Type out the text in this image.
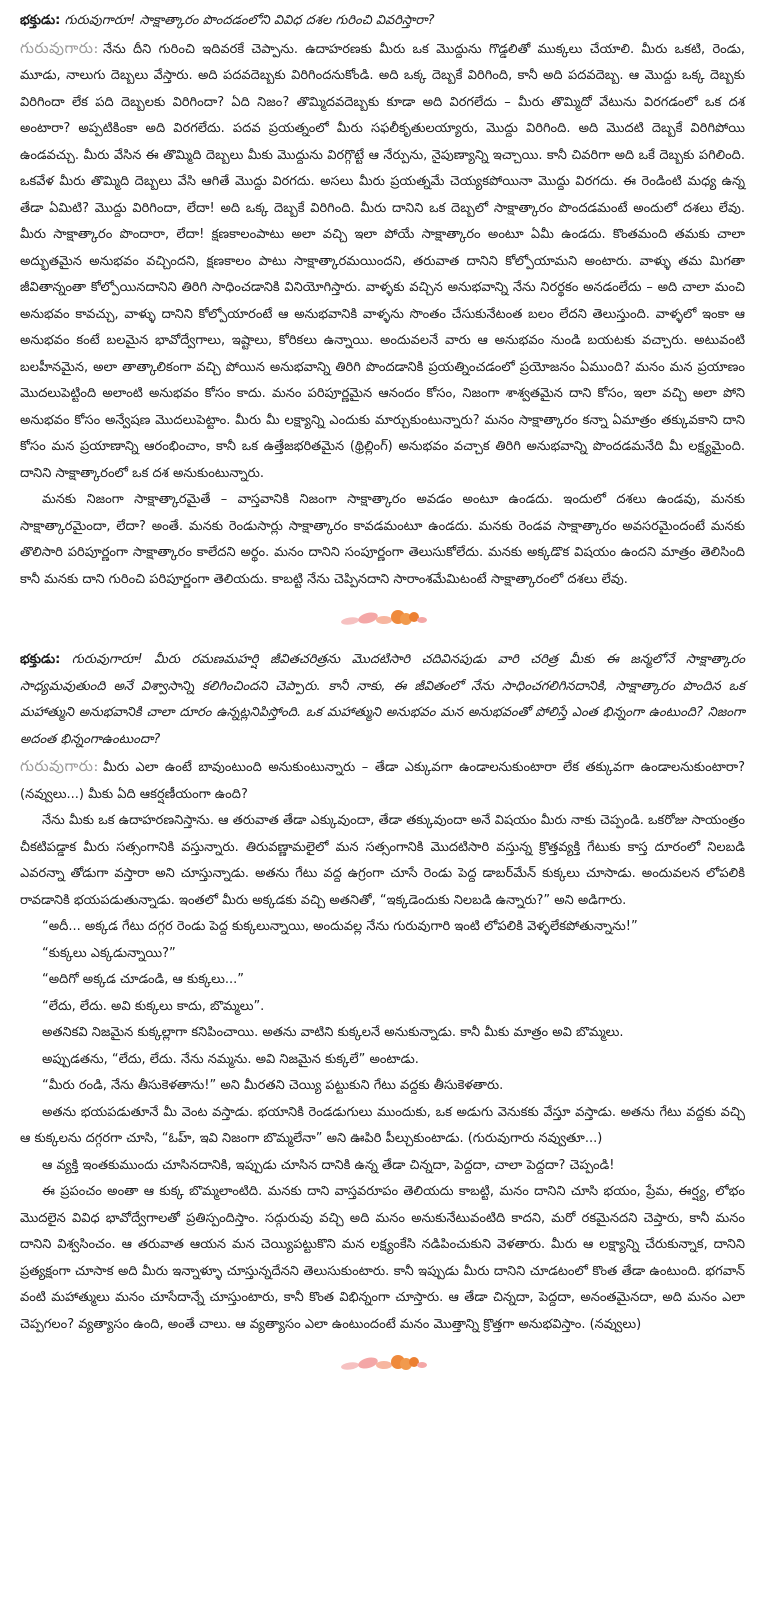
భక్తుడు: గురువుగారూ! సాక్షాత్కారం పొందడంలోని వివిధ దశల గురించి వివరిస్తారా?

గురువుగారు: నేను దీని గురించి ఇదివరకే చెప్పాను. ఉదాహరణకు మీరు ఒక మొద్దును గొడ్డలితో ముక్కలు చేయాలి. మీరు ఒకటి, రెండు, మూడు, నాలుగు దెబ్బలు వేస్తారు. అది పదవదెబ్బకు విరిగిందనుకోండి. అది ఒక్క దెబ్బకే విరిగింది, కానీ అది పదవదెబ్బ. ఆ మొద్దు ఒక్క దెబ్బకు విరిగిందా లేక పది దెబ్బలకు విరిగిందా? ఏది నిజం? తొమ్మిదవదెబ్బకు కూడా అది విరగలేదు – మీరు తొమ్మిదో వేటును విరగడంలో ఒక దశ అంటారా? అప్పటికింకా అది విరగలేదు. పదవ ప్రయత్నంలో మీరు సఫలీకృతులయ్యారు, మొద్దు విరిగింది. అది మొదటి దెబ్బకే విరిగిపోయి ఉండవచ్చు. మీరు వేసిన ఈ తొమ్మిది దెబ్బలు మీకు మొద్దును విరగ్గొట్టే ఆ నేర్పును, నైపుణ్యాన్ని ఇచ్చాయి. కానీ చివరిగా అది ఒకే దెబ్బకు పగిలింది. ఒకవేళ మీరు తొమ్మిది దెబ్బలు వేసి ఆగితే మొద్దు విరగదు. అసలు మీరు ప్రయత్నమే చెయ్యకపోయినా మొద్దు విరగదు. ఈ రెండింటి మధ్య ఉన్న తేడా ఏమిటి? మొద్దు విరిగిందా, లేదా! అది ఒక్క దెబ్బకే విరిగింది. మీరు దానిని ఒక దెబ్బలో సాక్షాత్కారం పొందడమంటే అందులో దశలు లేవు. మీరు సాక్షాత్కారం పొందారా, లేదా! క్షణకాలంపాటు అలా వచ్చి ఇలా పోయే సాక్షాత్కారం అంటూ ఏమీ ఉండదు. కొంతమంది తమకు చాలా అద్భుతమైన అనుభవం వచ్చిందని, క్షణకాలం పాటు సాక్షాత్కారమయిందని, తరువాత దానిని కోల్పోయామని అంటారు. వాళ్ళు తమ మిగతా జీవితాన్నంతా కోల్పోయినదానిని తిరిగి సాధించడానికి వినియోగిస్తారు. వాళ్ళకు వచ్చిన అనుభవాన్ని నేను నిరర్థకం అనడంలేదు – అది చాలా మంచి అనుభవం కావచ్చు, వాళ్ళు దానిని కోల్పోయారంటే ఆ అనుభవానికి వాళ్ళను సొంతం చేసుకునేటంత బలం లేదని తెలుస్తుంది. వాళ్ళలో ఇంకా ఆ అనుభవం కంటే బలమైన భావోద్వేగాలు, ఇష్టాలు, కోరికలు ఉన్నాయి. అందువలనే వారు ఆ అనుభవం నుండి బయటకు వచ్చారు. అటువంటి బలహీనమైన, అలా తాత్కాలికంగా వచ్చి పోయిన అనుభవాన్ని తిరిగి పొందడానికి ప్రయత్నించడంలో ప్రయోజనం ఏముంది? మనం మన ప్రయాణం మొదలుపెట్టింది అలాంటి అనుభవం కోసం కాదు. మనం పరిపూర్ణమైన ఆనందం కోసం, నిజంగా శాశ్వతమైన దాని కోసం, ఇలా వచ్చి అలా పోని అనుభవం కోసం అన్వేషణ మొదలుపెట్టాం. మీరు మీ లక్ష్యాన్ని ఎందుకు మార్చుకుంటున్నారు? మనం సాక్షాత్కారం కన్నా ఏమాత్రం తక్కువకాని దాని కోసం మన ప్రయాణాన్ని ఆరంభించాం, కానీ ఒక ఉత్తేజభరితమైన (థ్రిల్లింగ్) అనుభవం వచ్చాక తిరిగి అనుభవాన్ని పొందడమనేది మీ లక్ష్యమైంది. దానిని సాక్షాత్కారంలో ఒక దశ అనుకుంటున్నారు.

మనకు నిజంగా సాక్షాత్కారమైతే – వాస్తవానికి నిజంగా సాక్షాత్కారం అవడం అంటూ ఉండదు. ఇందులో దశలు ఉండవు, మనకు సాక్షాత్కారమైందా, లేదా? అంతే. మనకు రెండుసార్లు సాక్షాత్కారం కావడమంటూ ఉండదు. మనకు రెండవ సాక్షాత్కారం అవసరమైందంటే మనకు తొలిసారి పరిపూర్ణంగా సాక్షాత్కారం కాలేదని అర్థం. మనం దానిని సంపూర్ణంగా తెలుసుకోలేదు. మనకు అక్కడొక విషయం ఉందని మాత్రం తెలిసింది కానీ మనకు దాని గురించి పరిపూర్ణంగా తెలియదు. కాబట్టి నేను చెప్పినదాని సారాంశమేమిటంటే సాక్షాత్కారంలో దశలు లేవు.

భక్తుడు: గురువుగారూ! మీరు రమణమహర్షి జీవితచరిత్రను మొదటిసారి చదివినపుడు వారి చరిత్ర మీకు ఈ జన్మలోనే సాక్షాత్కారం సాధ్యమవుతుంది అనే విశ్వాసాన్ని కలిగించిందని చెప్పారు. కానీ నాకు, ఈ జీవితంలో నేను సాధించగలిగినదానికి, సాక్షాత్కారం పొందిన ఒక మహాత్ముని అనుభవానికి చాలా దూరం ఉన్నట్లనిపిస్తోంది. ఒక మహాత్ముని అనుభవం మన అనుభవంతో పోలిస్తే ఎంత భిన్నంగా ఉంటుంది? నిజంగా అదంత భిన్నంగాఉంటుందా?

గురువుగారు: మీరు ఎలా ఉంటే బావుంటుంది అనుకుంటున్నారు – తేడా ఎక్కువగా ఉండాలనుకుంటారా లేక తక్కువగా ఉండాలనుకుంటారా? (నవ్వులు...) మీకు ఏది ఆకర్షణీయంగా ఉంది?

నేను మీకు ఒక ఉదాహరణనిస్తాను. ఆ తరువాత తేడా ఎక్కువుందా, తేడా తక్కువుందా అనే విషయం మీరు నాకు చెప్పండి. ఒకరోజు సాయంత్రం చీకటిపడ్డాక మీరు సత్సంగానికి వస్తున్నారు. తిరువణ్ణామలైలో మన సత్సంగానికి మొదటిసారి వస్తున్న క్రొత్తవ్యక్తి గేటుకు కాస్త దూరంలో నిలబడి ఎవరన్నా తోడుగా వస్తారా అని చూస్తున్నాడు. అతను గేటు వద్ద ఉగ్రంగా చూసే రెండు పెద్ద డాబర్‌మేన్ కుక్కలు చూసాడు. అందువలన లోపలికి రావడానికి భయపడుతున్నాడు. ఇంతలో మీరు అక్కడకు వచ్చి అతనితో, “ఇక్కడెందుకు నిలబడి ఉన్నారు?” అని అడిగారు.

“అదీ... అక్కడ గేటు దగ్గర రెండు పెద్ద కుక్కలున్నాయి, అందువల్ల నేను గురువుగారి ఇంటి లోపలికి వెళ్ళలేకపోతున్నాను!”

“కుక్కలు ఎక్కడున్నాయి?”

“అదిగో అక్కడ చూడండి, ఆ కుక్కలు...”

“లేదు, లేదు. అవి కుక్కలు కాదు, బొమ్మలు”.

అతనికవి నిజమైన కుక్కల్లాగా కనిపించాయి. అతను వాటిని కుక్కలనే అనుకున్నాడు. కానీ మీకు మాత్రం అవి బొమ్మలు.

అప్పుడతను, “లేదు, లేదు. నేను నమ్మను. అవి నిజమైన కుక్కలే” అంటాడు.

“మీరు రండి, నేను తీసుకెళతాను!” అని మీరతని చెయ్యి పట్టుకుని గేటు వద్దకు తీసుకెళతారు.

అతను భయపడుతూనే మీ వెంట వస్తాడు. భయానికి రెండడుగులు ముందుకు, ఒక అడుగు వెనుకకు వేస్తూ వస్తాడు. అతను గేటు వద్దకు వచ్చి ఆ కుక్కలను దగ్గరగా చూసి, “ఓహ్, ఇవి నిజంగా బొమ్మలేనా” అని ఊపిరి పీల్చుకుంటాడు. (గురువుగారు నవ్వుతూ...)

ఆ వ్యక్తి ఇంతకుముందు చూసినదానికి, ఇప్పుడు చూసిన దానికి ఉన్న తేడా చిన్నదా, పెద్దదా, చాలా పెద్దదా? చెప్పండి!

ఈ ప్రపంచం అంతా ఆ కుక్క బొమ్మలాంటిది. మనకు దాని వాస్తవరూపం తెలియదు కాబట్టి, మనం దానిని చూసి భయం, ప్రేమ, ఈర్ష్య, లోభం మొదలైన వివిధ భావోద్వేగాలతో ప్రతిస్పందిస్తాం. సద్గురువు వచ్చి అది మనం అనుకునేటువంటిది కాదని, మరో రకమైనదని చెప్తారు, కానీ మనం దానిని విశ్వసించం. ఆ తరువాత ఆయన మన చెయ్యిపట్టుకొని మన లక్ష్యంకేసి నడిపించుకుని వెళతారు. మీరు ఆ లక్ష్యాన్ని చేరుకున్నాక, దానిని ప్రత్యక్షంగా చూసాక అది మీరు ఇన్నాళ్ళూ చూస్తున్నదేనని తెలుసుకుంటారు. కానీ ఇప్పుడు మీరు దానిని చూడటంలో కొంత తేడా ఉంటుంది. భగవాన్ వంటి మహాత్ములు మనం చూసేదాన్నే చూస్తుంటారు, కానీ కొంత విభిన్నంగా చూస్తారు. ఆ తేడా చిన్నదా, పెద్దదా, అనంతమైనదా, అది మనం ఎలా చెప్పగలం? వ్యత్యాసం ఉంది, అంతే చాలు. ఆ వ్యత్యాసం ఎలా ఉంటుందంటే మనం మొత్తాన్ని క్రొత్తగా అనుభవిస్తాం. (నవ్వులు)
